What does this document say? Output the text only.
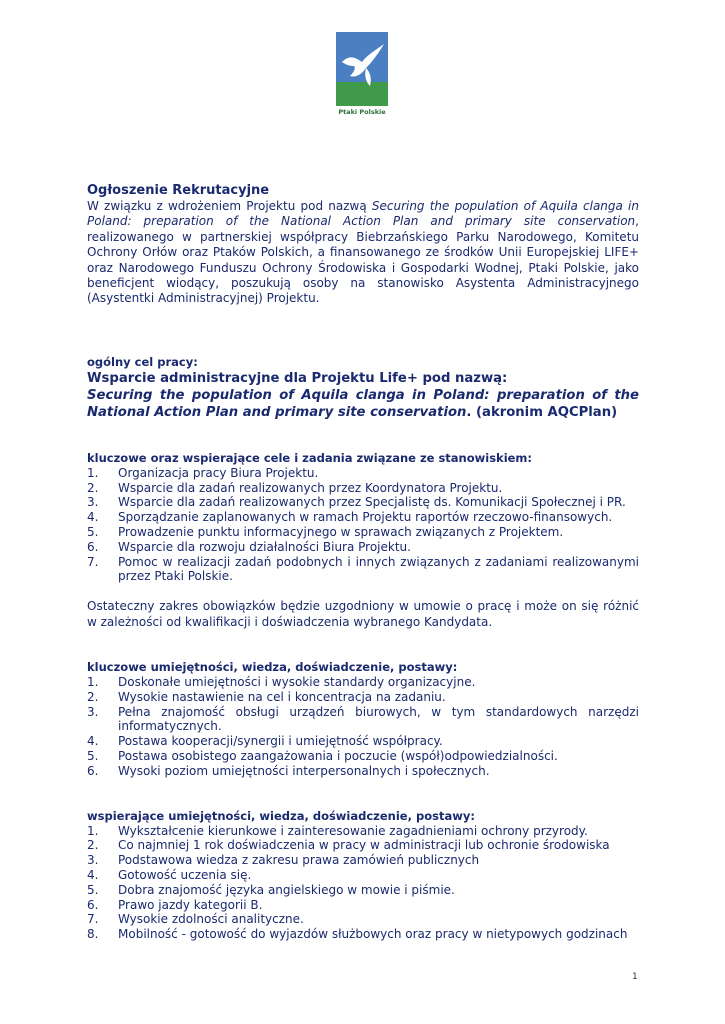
Ptaki Polskie
Ogłoszenie Rekrutacyjne

W związku z wdrożeniem Projektu pod nazwą Securing the population of Aquila clanga in Poland: preparation of the National Action Plan and primary site conservation, realizowanego w partnerskiej współpracy Biebrzańskiego Parku Narodowego, Komitetu Ochrony Orłów oraz Ptaków Polskich, a finansowanego ze środków Unii Europejskiej LIFE+ oraz Narodowego Funduszu Ochrony Środowiska i Gospodarki Wodnej, Ptaki Polskie, jako beneficjent wiodący, poszukują osoby na stanowisko Asystenta Administracyjnego (Asystentki Administracyjnej) Projektu.

ogólny cel pracy:

Wsparcie administracyjne dla Projektu Life+ pod nazwą:

Securing the population of Aquila clanga in Poland: preparation of the National Action Plan and primary site conservation. (akronim AQCPlan)

kluczowe oraz wspierające cele i zadania związane ze stanowiskiem:

1. Organizacja pracy Biura Projektu.
2. Wsparcie dla zadań realizowanych przez Koordynatora Projektu.
3. Wsparcie dla zadań realizowanych przez Specjalistę ds. Komunikacji Społecznej i PR.
4. Sporządzanie zaplanowanych w ramach Projektu raportów rzeczowo-finansowych.
5. Prowadzenie punktu informacyjnego w sprawach związanych z Projektem.
6. Wsparcie dla rozwoju działalności Biura Projektu.
7. Pomoc w realizacji zadań podobnych i innych związanych z zadaniami realizowanymi przez Ptaki Polskie.

Ostateczny zakres obowiązków będzie uzgodniony w umowie o pracę i może on się różnić w zależności od kwalifikacji i doświadczenia wybranego Kandydata.

kluczowe umiejętności, wiedza, doświadczenie, postawy:

1. Doskonałe umiejętności i wysokie standardy organizacyjne.
2. Wysokie nastawienie na cel i koncentracja na zadaniu.
3. Pełna znajomość obsługi urządzeń biurowych, w tym standardowych narzędzi informatycznych.
4. Postawa kooperacji/synergii i umiejętność współpracy.
5. Postawa osobistego zaangażowania i poczucie (współ)odpowiedzialności.
6. Wysoki poziom umiejętności interpersonalnych i społecznych.

wspierające umiejętności, wiedza, doświadczenie, postawy:

1. Wykształcenie kierunkowe i zainteresowanie zagadnieniami ochrony przyrody.
2. Co najmniej 1 rok doświadczenia w pracy w administracji lub ochronie środowiska
3. Podstawowa wiedza z zakresu prawa zamówień publicznych
4. Gotowość uczenia się.
5. Dobra znajomość języka angielskiego w mowie i piśmie.
6. Prawo jazdy kategorii B.
7. Wysokie zdolności analityczne.
8. Mobilność - gotowość do wyjazdów służbowych oraz pracy w nietypowych godzinach
1
